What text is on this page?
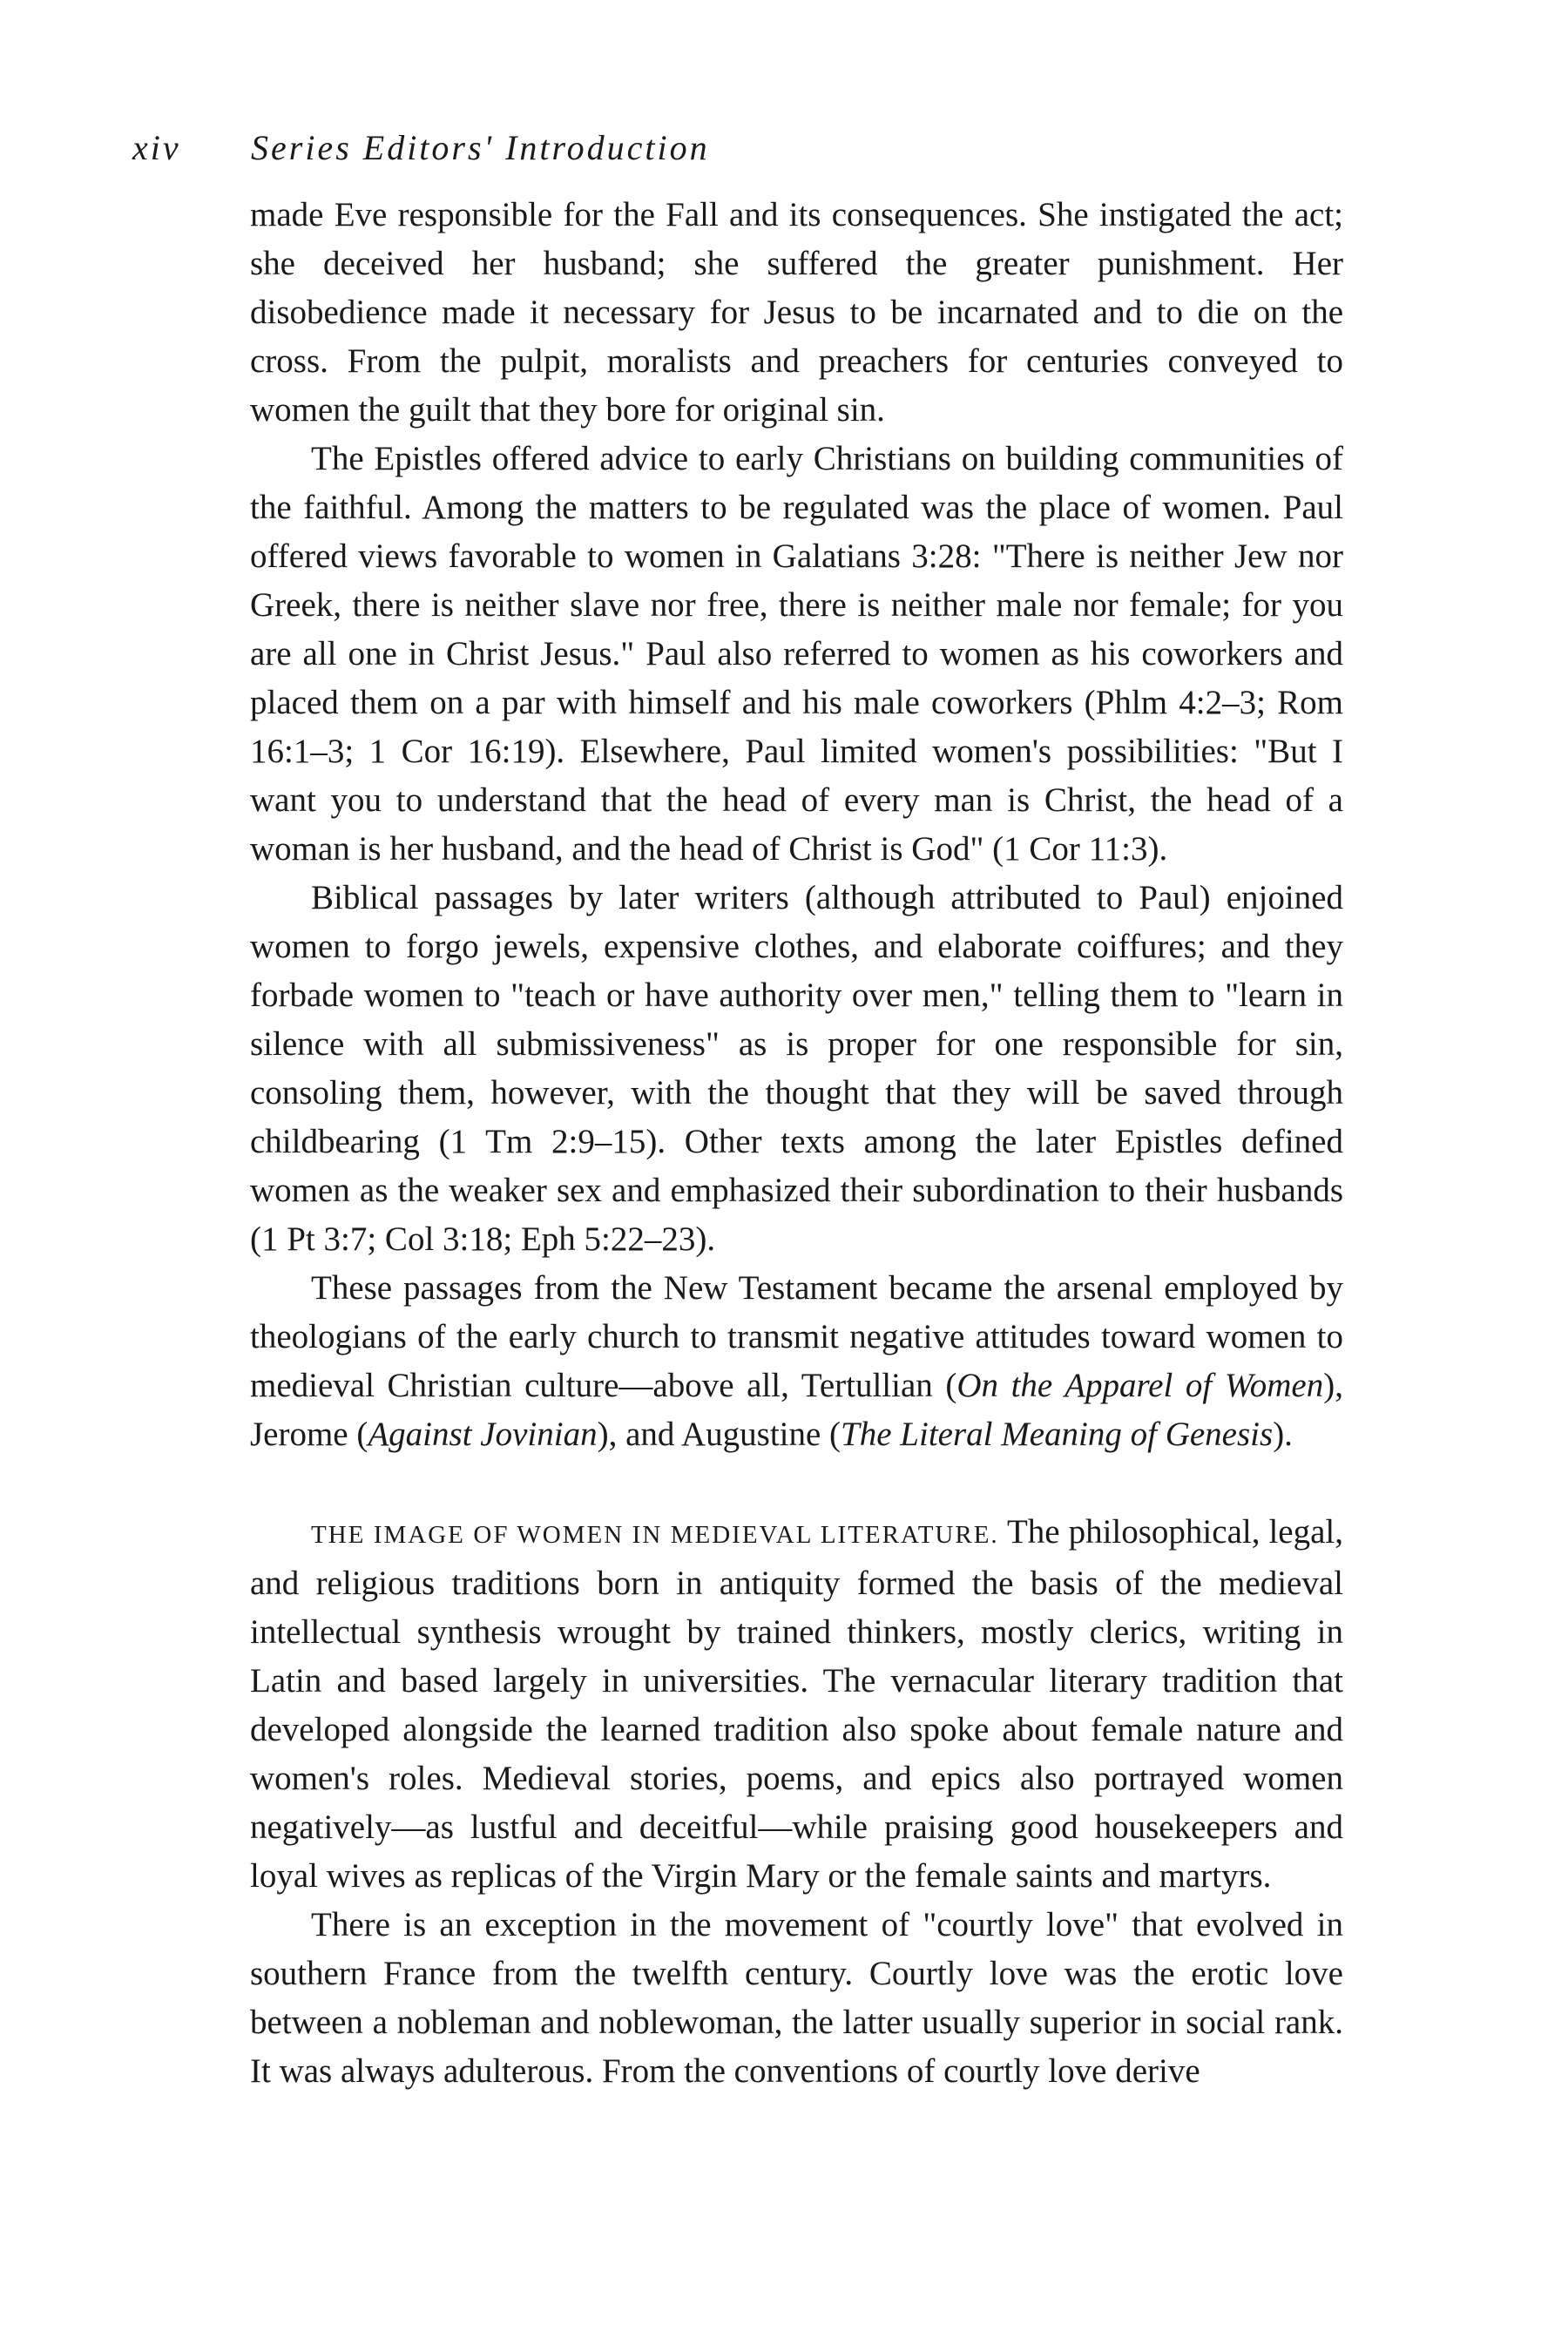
xiv Series Editors' Introduction

made Eve responsible for the Fall and its consequences. She instigated the act; she deceived her husband; she suffered the greater punishment. Her disobedience made it necessary for Jesus to be incarnated and to die on the cross. From the pulpit, moralists and preachers for centuries conveyed to women the guilt that they bore for original sin.

The Epistles offered advice to early Christians on building communities of the faithful. Among the matters to be regulated was the place of women. Paul offered views favorable to women in Galatians 3:28: "There is neither Jew nor Greek, there is neither slave nor free, there is neither male nor female; for you are all one in Christ Jesus." Paul also referred to women as his coworkers and placed them on a par with himself and his male coworkers (Phlm 4:2–3; Rom 16:1–3; 1 Cor 16:19). Elsewhere, Paul limited women's possibilities: "But I want you to understand that the head of every man is Christ, the head of a woman is her husband, and the head of Christ is God" (1 Cor 11:3).

Biblical passages by later writers (although attributed to Paul) enjoined women to forgo jewels, expensive clothes, and elaborate coiffures; and they forbade women to "teach or have authority over men," telling them to "learn in silence with all submissiveness" as is proper for one responsible for sin, consoling them, however, with the thought that they will be saved through childbearing (1 Tm 2:9–15). Other texts among the later Epistles defined women as the weaker sex and emphasized their subordination to their husbands (1 Pt 3:7; Col 3:18; Eph 5:22–23).

These passages from the New Testament became the arsenal employed by theologians of the early church to transmit negative attitudes toward women to medieval Christian culture—above all, Tertullian (On the Apparel of Women), Jerome (Against Jovinian), and Augustine (The Literal Meaning of Genesis).

THE IMAGE OF WOMEN IN MEDIEVAL LITERATURE. The philosophical, legal, and religious traditions born in antiquity formed the basis of the medieval intellectual synthesis wrought by trained thinkers, mostly clerics, writing in Latin and based largely in universities. The vernacular literary tradition that developed alongside the learned tradition also spoke about female nature and women's roles. Medieval stories, poems, and epics also portrayed women negatively—as lustful and deceitful—while praising good housekeepers and loyal wives as replicas of the Virgin Mary or the female saints and martyrs.

There is an exception in the movement of "courtly love" that evolved in southern France from the twelfth century. Courtly love was the erotic love between a nobleman and noblewoman, the latter usually superior in social rank. It was always adulterous. From the conventions of courtly love derive
